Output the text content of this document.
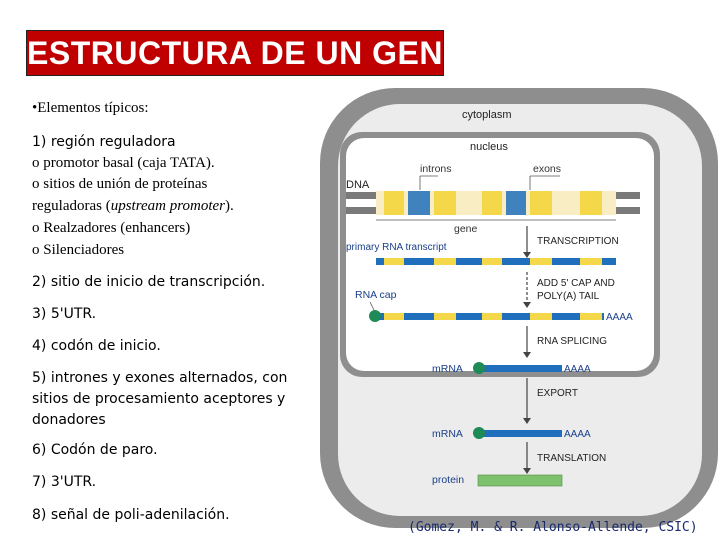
ESTRUCTURA DE UN GEN
•Elementos típicos:
1) región reguladora
o promotor basal (caja TATA).
o sitios de unión de proteínas
reguladoras (upstream promoter).
o Realzadores (enhancers)
o Silenciadores
2) sitio de inicio de transcripción.
3) 5'UTR.
4) codón de inicio.
5) intrones y exones alternados, con
sitios de procesamiento aceptores y
donadores
6) Codón de paro.
7) 3'UTR.
8) señal de poli-adenilación.
cytoplasm
nucleus
introns	exons
DNA
gene
primary RNA transcript
TRANSCRIPTION
ADD 5' CAP AND
POLY(A) TAIL
RNA cap
AAAA
RNA SPLICING
mRNA	AAAA
EXPORT
mRNA	AAAA
TRANSLATION
protein
(Gomez, M. & R. Alonso-Allende, CSIC)
